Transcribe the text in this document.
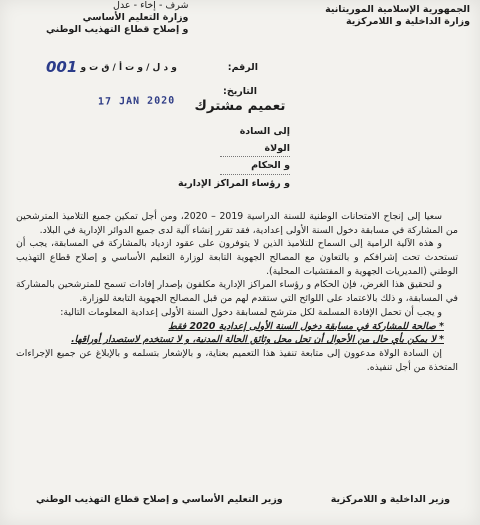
الجمهورية الإسلامية الموريتانية
وزارة الداخلية و اللامركزية
شرف - إخاء - عدل
وزارة التعليم الأساسي
و إصلاح قطاع التهذيب الوطني
الرقم:
و د ل / و ت أ / ق ت و 001
التاريخ:
17 JAN 2020	تعميم مشترك
إلى السادة
الولاة
و الحكام
و رؤساء المراكز الإدارية

سعيا إلى إنجاح الامتحانات الوطنية للسنة الدراسية 2019 – 2020، ومن أجل تمكين جميع التلاميذ المترشحين من المشاركة في مسابقة دخول السنة الأولى إعدادية، فقد تقرر إنشاء آلية لدى جميع الدوائر الإدارية في البلاد.

و هذه الآلية الرامية إلى السماح للتلاميذ الذين لا يتوفرون على عقود ازدياد بالمشاركة في المسابقة، يجب أن تستحدث تحت إشرافكم و بالتعاون مع المصالح الجهوية التابعة لوزارة التعليم الأساسي و إصلاح قطاع التهذيب الوطني (المديريات الجهوية و المفتشيات المحلية).

و لتحقيق هذا الغرض، فإن الحكام و رؤساء المراكز الإدارية مكلفون بإصدار إفادات تسمح للمترشحين بالمشاركة في المسابقة، و ذلك بالاعتماد على اللوائح التي ستقدم لهم من قبل المصالح الجهوية التابعة للوزارة.

و يجب أن تحمل الإفادة المسلمة لكل مترشح لمسابقة دخول السنة الأولى إعدادية المعلومات التالية:

* صالحة للمشاركة في مسابقة دخول السنة الأولى إعدادية 2020 فقط

* لا يمكن بأي حال من الأحوال أن تحل محل وثائق الحالة المدنية، و لا تستخدم لاستصدار أوراقها.

إن السادة الولاة مدعوون إلى متابعة تنفيذ هذا التعميم بعناية، و بالإشعار بتسلمه و بالإبلاغ عن جميع الإجراءات المتخذة من أجل تنفيذه.

وزير الداخلية و اللامركزية
وزير التعليم الأساسي و إصلاح قطاع التهذيب الوطني
